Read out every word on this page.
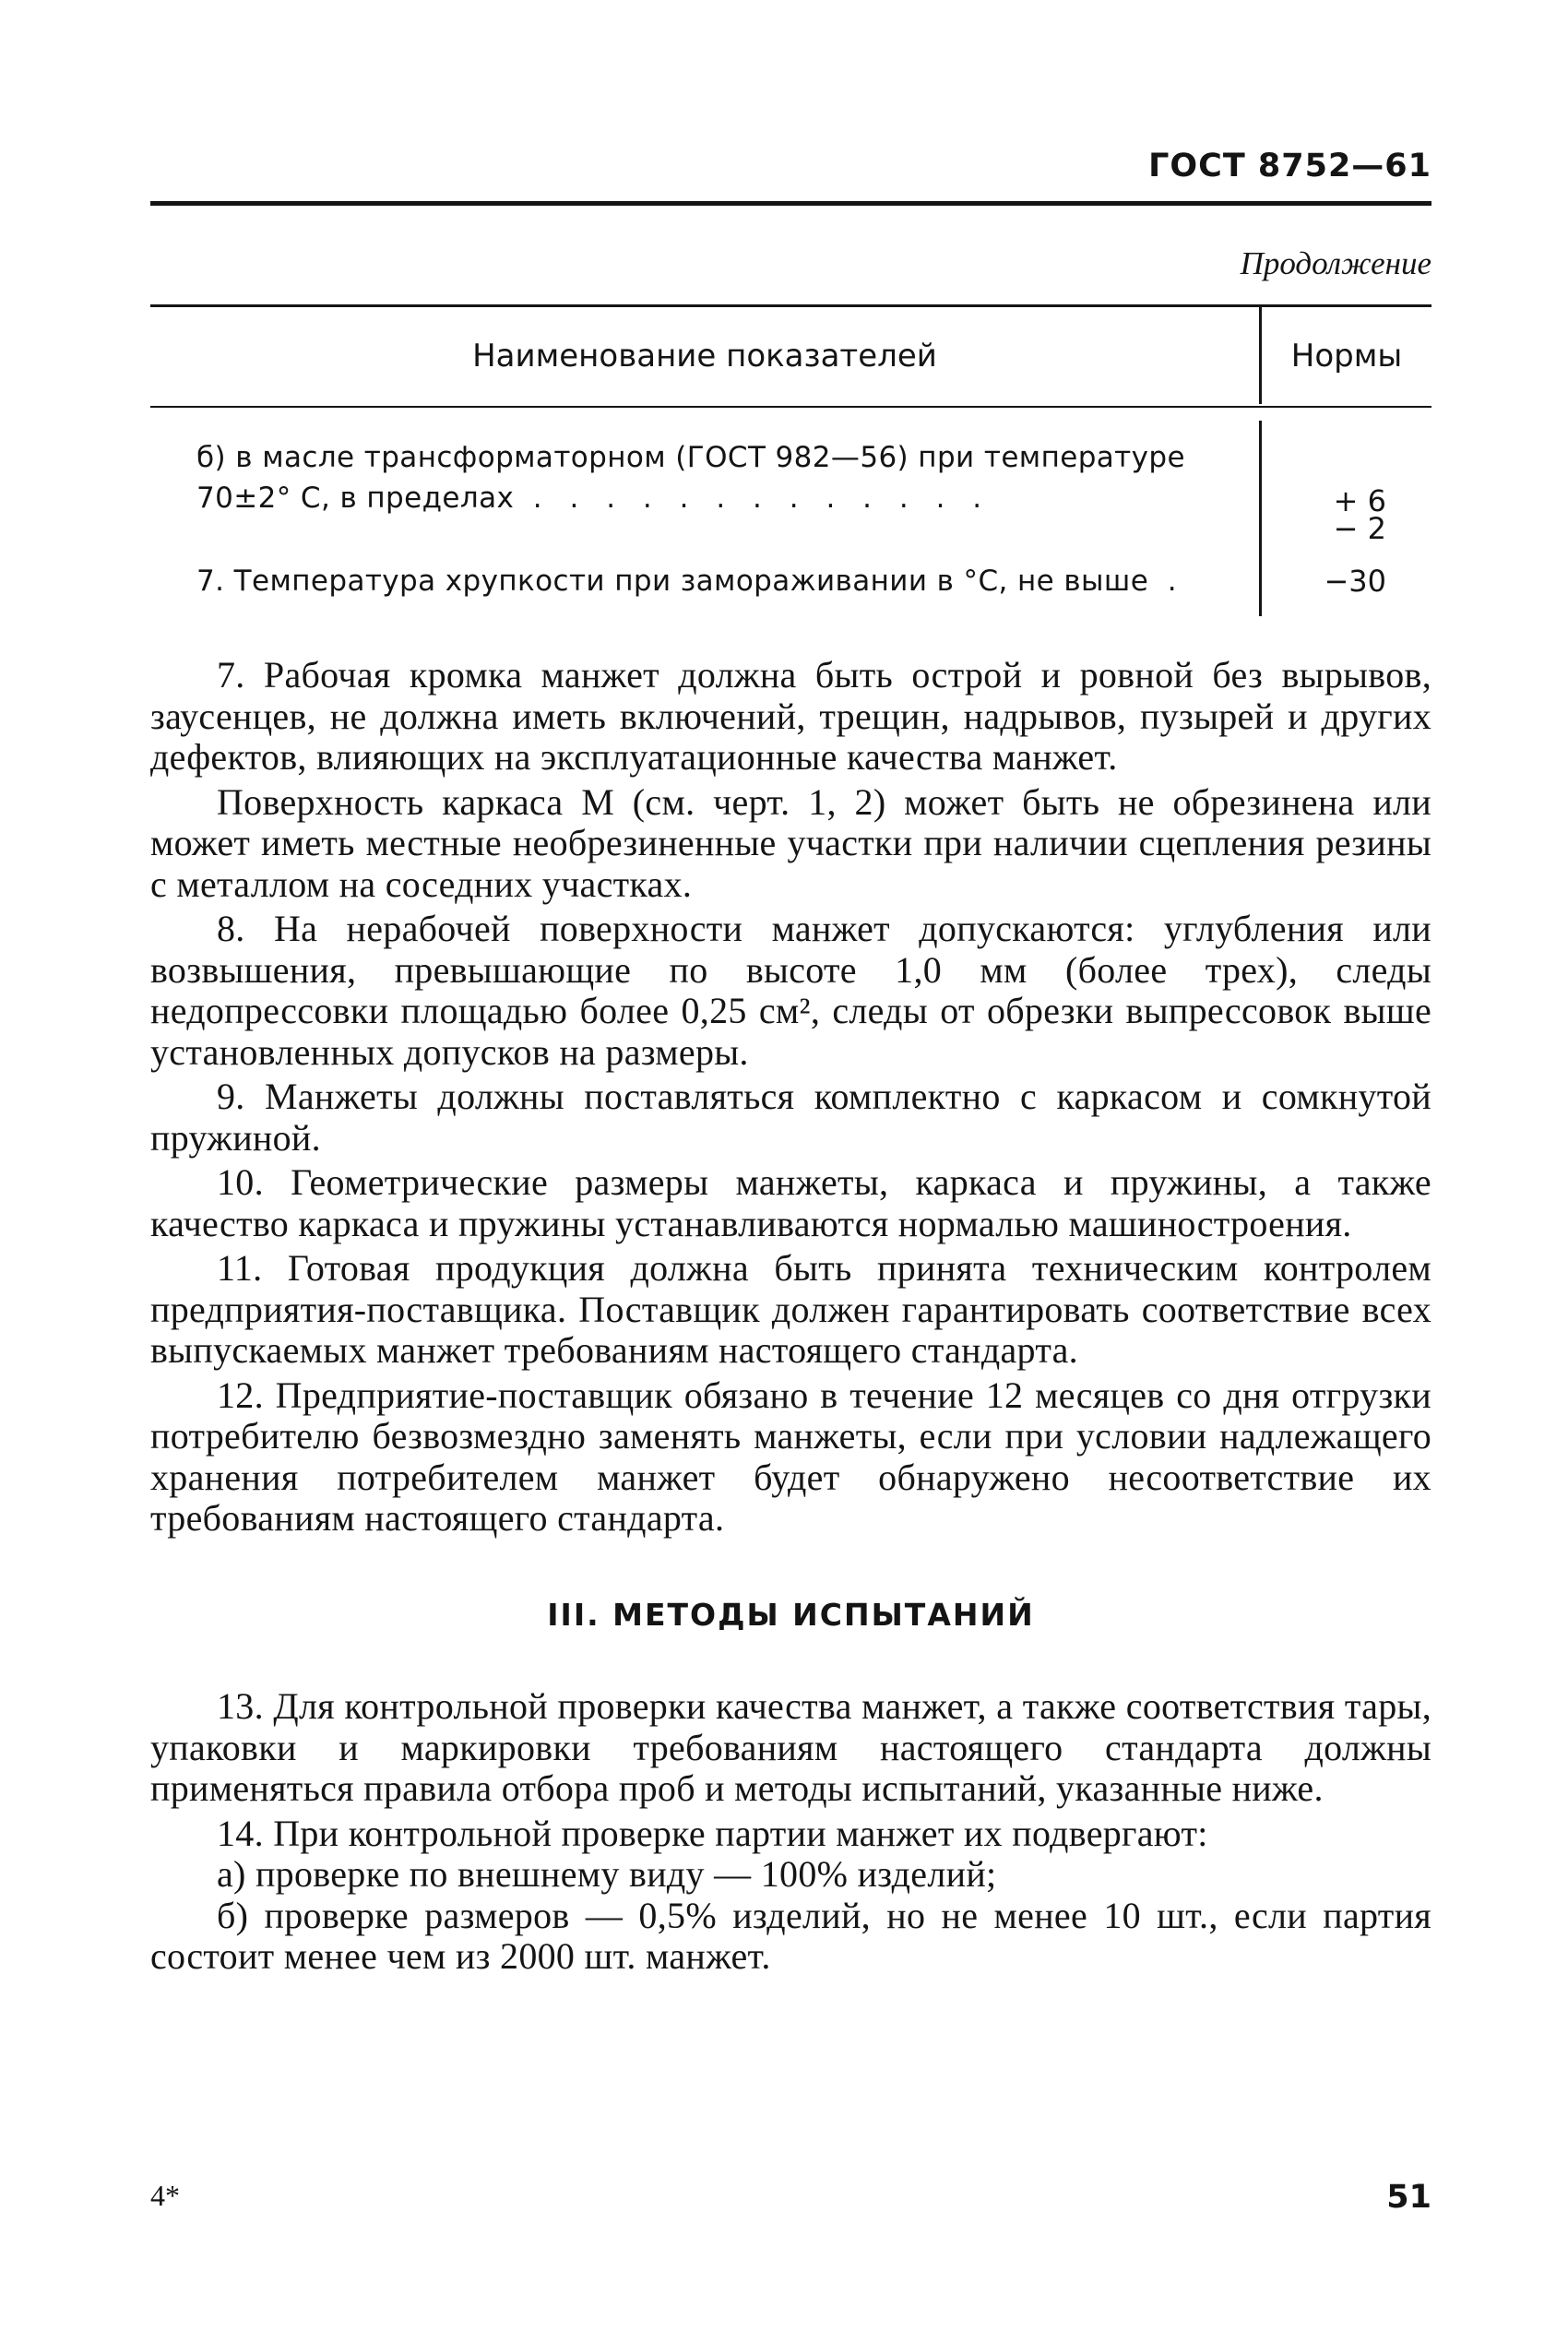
ГОСТ 8752—61
Продолжение
Наименование показателей	Нормы
б) в масле трансформаторном (ГОСТ 982—56) при температуре
70±2° С, в пределах . . . . . . . . . . . . .	+ 6
− 2
7. Температура хрупкости при замораживании в °С, не выше .	−30

7. Рабочая кромка манжет должна быть острой и ровной без вырывов, заусенцев, не должна иметь включений, трещин, надрывов, пузырей и других дефектов, влияющих на эксплуатационные качества манжет.

Поверхность каркаса М (см. черт. 1, 2) может быть не обрезинена или может иметь местные необрезиненные участки при наличии сцепления резины с металлом на соседних участках.

8. На нерабочей поверхности манжет допускаются: углубления или возвышения, превышающие по высоте 1,0 мм (более трех), следы недопрессовки площадью более 0,25 см², следы от обрезки выпрессовок выше установленных допусков на размеры.

9. Манжеты должны поставляться комплектно с каркасом и сомкнутой пружиной.

10. Геометрические размеры манжеты, каркаса и пружины, а также качество каркаса и пружины устанавливаются нормалью машиностроения.

11. Готовая продукция должна быть принята техническим контролем предприятия-поставщика. Поставщик должен гарантировать соответствие всех выпускаемых манжет требованиям настоящего стандарта.

12. Предприятие-поставщик обязано в течение 12 месяцев со дня отгрузки потребителю безвозмездно заменять манжеты, если при условии надлежащего хранения потребителем манжет будет обнаружено несоответствие их требованиям настоящего стандарта.

III. МЕТОДЫ ИСПЫТАНИЙ

13. Для контрольной проверки качества манжет, а также соответствия тары, упаковки и маркировки требованиям настоящего стандарта должны применяться правила отбора проб и методы испытаний, указанные ниже.

14. При контрольной проверке партии манжет их подвергают:

а) проверке по внешнему виду — 100% изделий;

б) проверке размеров — 0,5% изделий, но не менее 10 шт., если партия состоит менее чем из 2000 шт. манжет.

4*	51
